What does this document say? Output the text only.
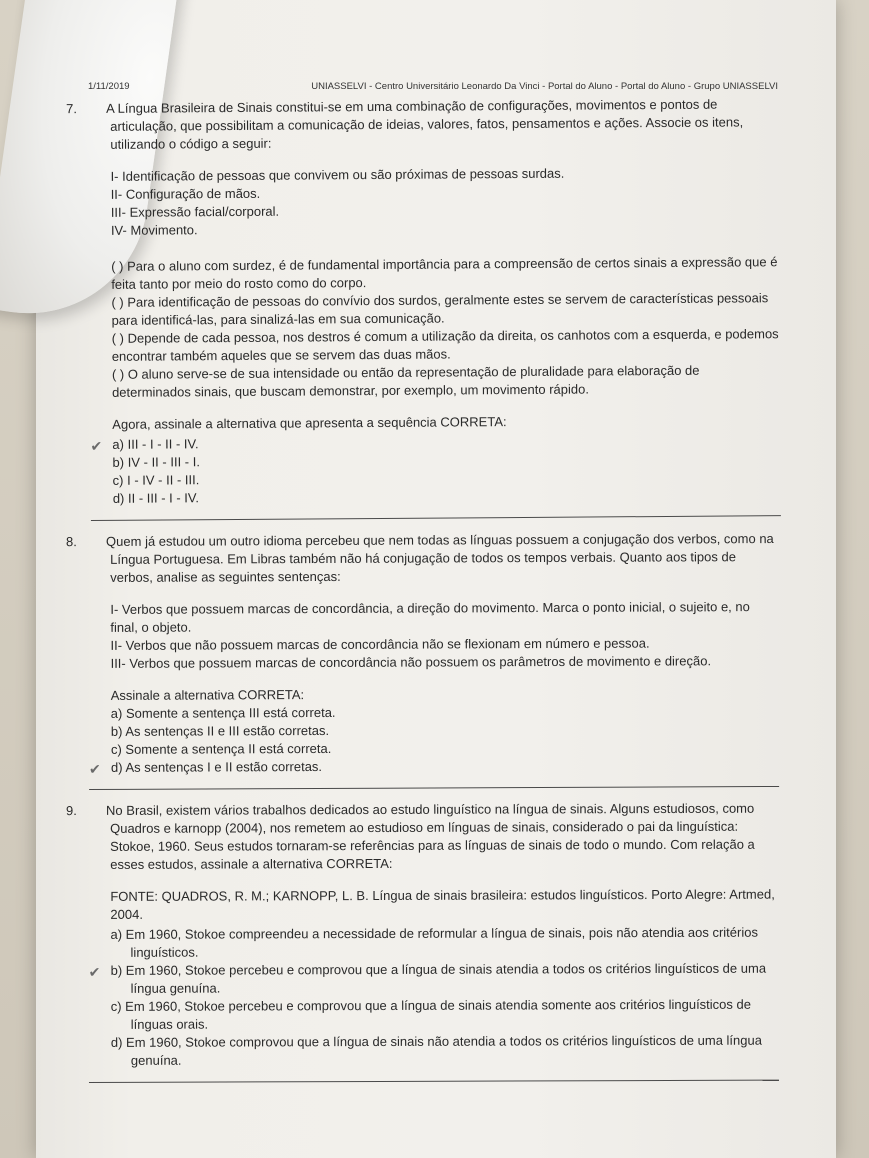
1/11/2019	UNIASSELVI - Centro Universitário Leonardo Da Vinci - Portal do Aluno - Portal do Aluno - Grupo UNIASSELVI

7. A Língua Brasileira de Sinais constitui-se em uma combinação de configurações, movimentos e pontos de articulação, que possibilitam a comunicação de ideias, valores, fatos, pensamentos e ações. Associe os itens, utilizando o código a seguir:

I- Identificação de pessoas que convivem ou são próximas de pessoas surdas.
II- Configuração de mãos.
III- Expressão facial/corporal.
IV- Movimento.
( ) Para o aluno com surdez, é de fundamental importância para a compreensão de certos sinais a expressão que é feita tanto por meio do rosto como do corpo.
( ) Para identificação de pessoas do convívio dos surdos, geralmente estes se servem de características pessoais para identificá-las, para sinalizá-las em sua comunicação.
( ) Depende de cada pessoa, nos destros é comum a utilização da direita, os canhotos com a esquerda, e podemos encontrar também aqueles que se servem das duas mãos.
( ) O aluno serve-se de sua intensidade ou então da representação de pluralidade para elaboração de determinados sinais, que buscam demonstrar, por exemplo, um movimento rápido.
Agora, assinale a alternativa que apresenta a sequência CORRETA:
✔ a) III - I - II - IV.
b) IV - II - III - I.
c) I - IV - II - III.
d) II - III - I - IV.

8. Quem já estudou um outro idioma percebeu que nem todas as línguas possuem a conjugação dos verbos, como na Língua Portuguesa. Em Libras também não há conjugação de todos os tempos verbais. Quanto aos tipos de verbos, analise as seguintes sentenças:

I- Verbos que possuem marcas de concordância, a direção do movimento. Marca o ponto inicial, o sujeito e, no final, o objeto.
II- Verbos que não possuem marcas de concordância não se flexionam em número e pessoa.
III- Verbos que possuem marcas de concordância não possuem os parâmetros de movimento e direção.
Assinale a alternativa CORRETA:
a) Somente a sentença III está correta.
b) As sentenças II e III estão corretas.
c) Somente a sentença II está correta.
✔ d) As sentenças I e II estão corretas.

9. No Brasil, existem vários trabalhos dedicados ao estudo linguístico na língua de sinais. Alguns estudiosos, como Quadros e karnopp (2004), nos remetem ao estudioso em línguas de sinais, considerado o pai da linguística: Stokoe, 1960. Seus estudos tornaram-se referências para as línguas de sinais de todo o mundo. Com relação a esses estudos, assinale a alternativa CORRETA:

FONTE: QUADROS, R. M.; KARNOPP, L. B. Língua de sinais brasileira: estudos linguísticos. Porto Alegre: Artmed, 2004.
a) Em 1960, Stokoe compreendeu a necessidade de reformular a língua de sinais, pois não atendia aos critérios linguísticos.
✔ b) Em 1960, Stokoe percebeu e comprovou que a língua de sinais atendia a todos os critérios linguísticos de uma língua genuína.
c) Em 1960, Stokoe percebeu e comprovou que a língua de sinais atendia somente aos critérios linguísticos de línguas orais.
d) Em 1960, Stokoe comprovou que a língua de sinais não atendia a todos os critérios linguísticos de uma língua genuína.
